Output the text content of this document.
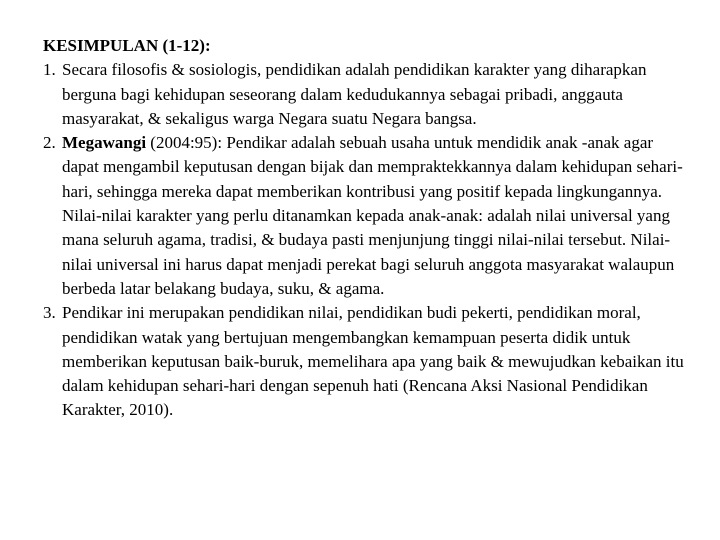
KESIMPULAN (1-12):

1. Secara filosofis & sosiologis, pendidikan adalah pendidikan karakter yang diharapkan berguna bagi kehidupan seseorang dalam kedudukannya sebagai pribadi, anggauta masyarakat, & sekaligus warga Negara suatu Negara bangsa.
2. Megawangi (2004:95): Pendikar adalah sebuah usaha untuk mendidik anak -anak agar dapat mengambil keputusan dengan bijak dan mempraktekkannya dalam kehidupan sehari-hari, sehingga mereka dapat memberikan kontribusi yang positif kepada lingkungannya. Nilai-nilai karakter yang perlu ditanamkan kepada anak-anak: adalah nilai universal yang mana seluruh agama, tradisi, & budaya pasti menjunjung tinggi nilai-nilai tersebut. Nilai-nilai universal ini harus dapat menjadi perekat bagi seluruh anggota masyarakat walaupun berbeda latar belakang budaya, suku, & agama.
3. Pendikar ini merupakan pendidikan nilai, pendidikan budi pekerti, pendidikan moral, pendidikan watak yang bertujuan mengembangkan kemampuan peserta didik untuk memberikan keputusan baik-buruk, memelihara apa yang baik & mewujudkan kebaikan itu dalam kehidupan sehari-hari dengan sepenuh hati (Rencana Aksi Nasional Pendidikan Karakter, 2010).
